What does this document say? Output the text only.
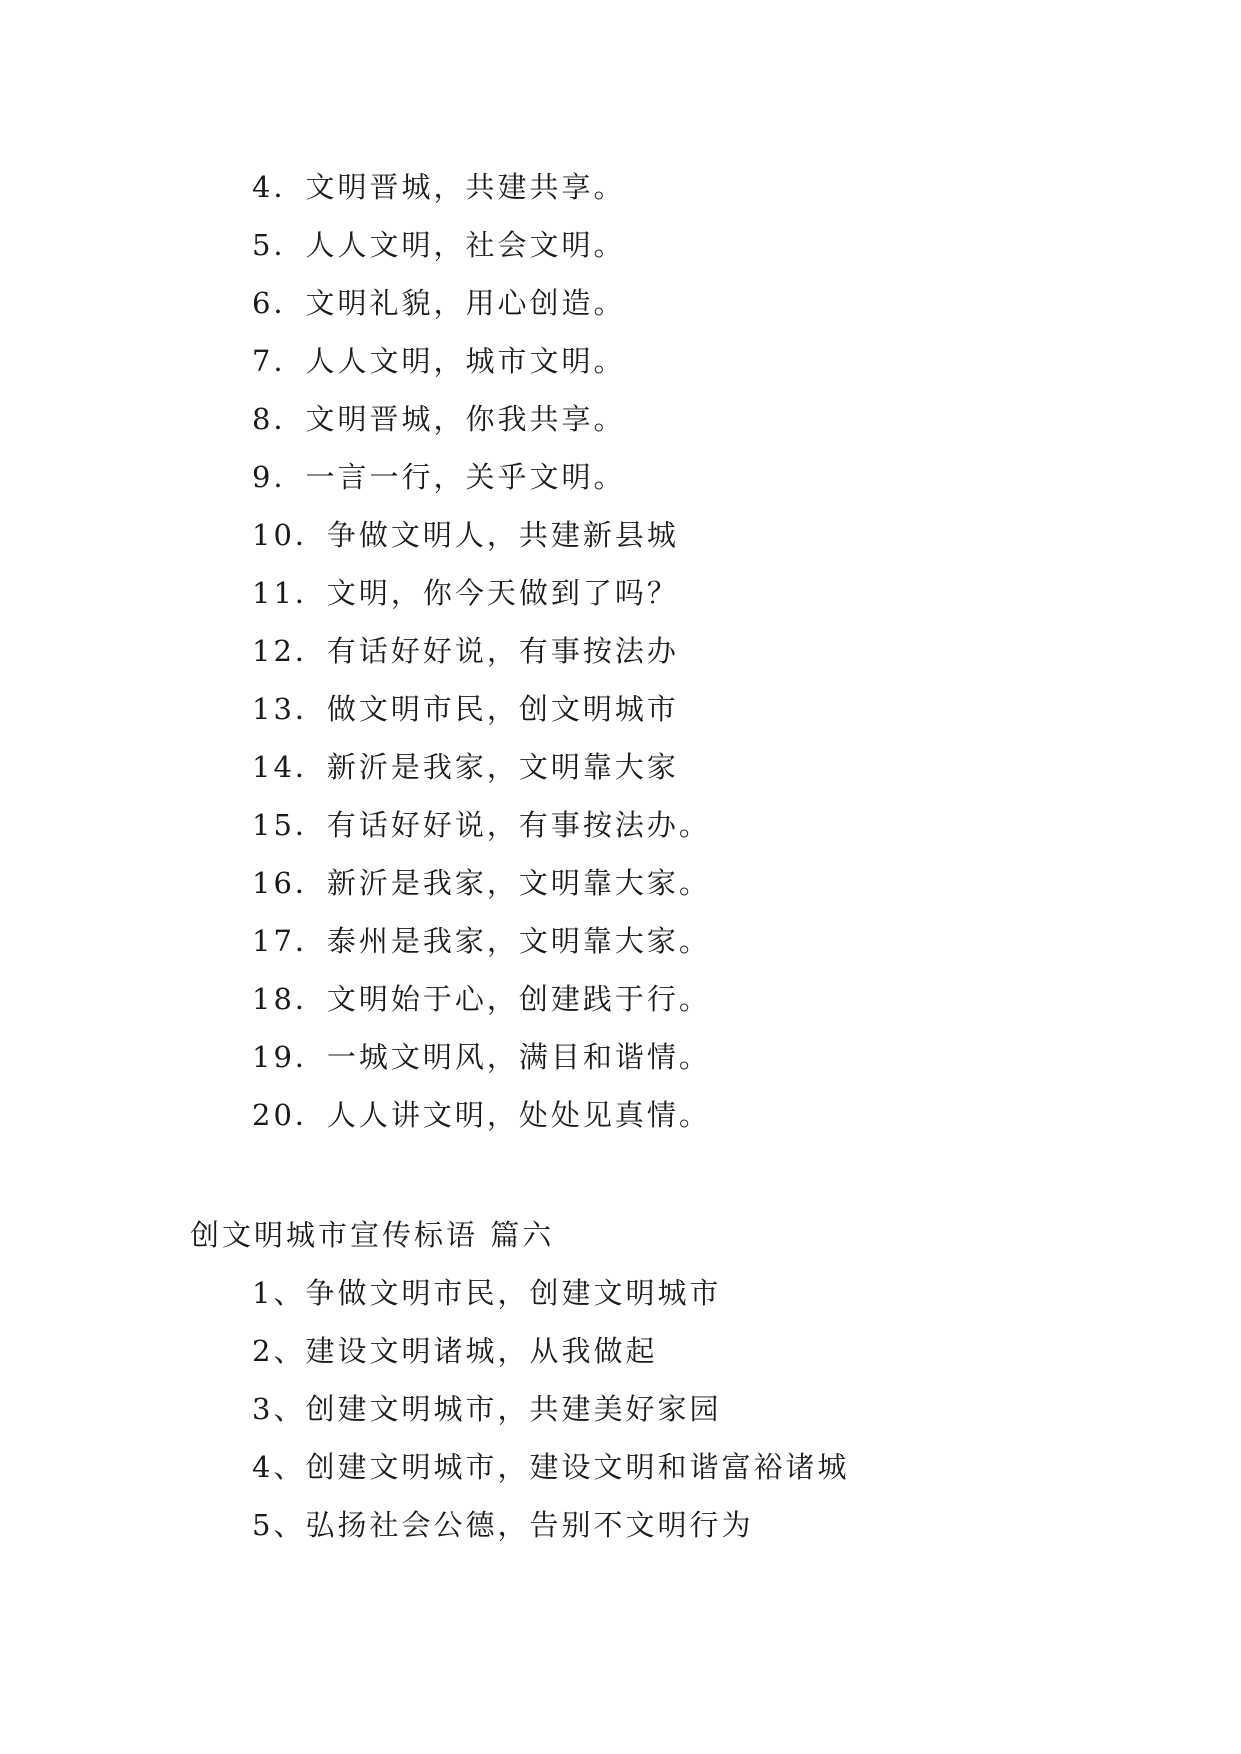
4．文明晋城，共建共享。
5．人人文明，社会文明。
6．文明礼貌，用心创造。
7．人人文明，城市文明。
8．文明晋城，你我共享。
9．一言一行，关乎文明。
10．争做文明人，共建新县城
11．文明，你今天做到了吗？
12．有话好好说，有事按法办
13．做文明市民，创文明城市
14．新沂是我家，文明靠大家
15．有话好好说，有事按法办。
16．新沂是我家，文明靠大家。
17．泰州是我家，文明靠大家。
18．文明始于心，创建践于行。
19．一城文明风，满目和谐情。
20．人人讲文明，处处见真情。
创文明城市宣传标语 篇六
1、争做文明市民，创建文明城市
2、建设文明诸城，从我做起
3、创建文明城市，共建美好家园
4、创建文明城市，建设文明和谐富裕诸城
5、弘扬社会公德，告别不文明行为
